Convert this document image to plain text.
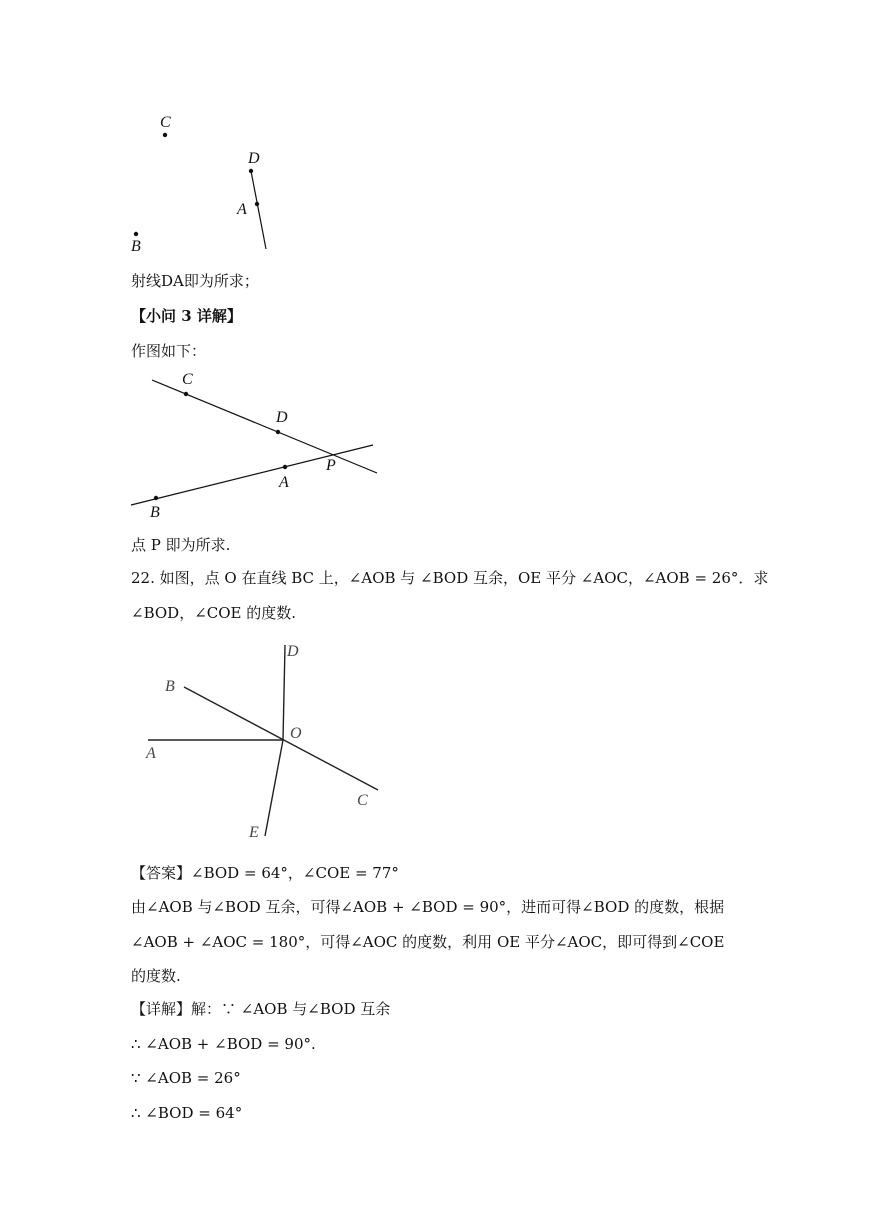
C
D
A
B
射线DA即为所求；
【小问 3 详解】
作图如下：
C
D
P
A
B
点 P 即为所求.
22. 如图，点 O 在直线 BC 上，∠AOB 与 ∠BOD 互余，OE 平分 ∠AOC，∠AOB = 26°．求
∠BOD，∠COE 的度数.
D
B
O
A
C
E
【答案】∠BOD = 64°，∠COE = 77°
由∠AOB 与∠BOD 互余，可得∠AOB + ∠BOD = 90°，进而可得∠BOD 的度数，根据
∠AOB + ∠AOC = 180°，可得∠AOC 的度数，利用 OE 平分∠AOC，即可得到∠COE
的度数.
【详解】解：∵ ∠AOB 与∠BOD 互余
∴ ∠AOB + ∠BOD = 90°.
∵ ∠AOB = 26°
∴ ∠BOD = 64°
